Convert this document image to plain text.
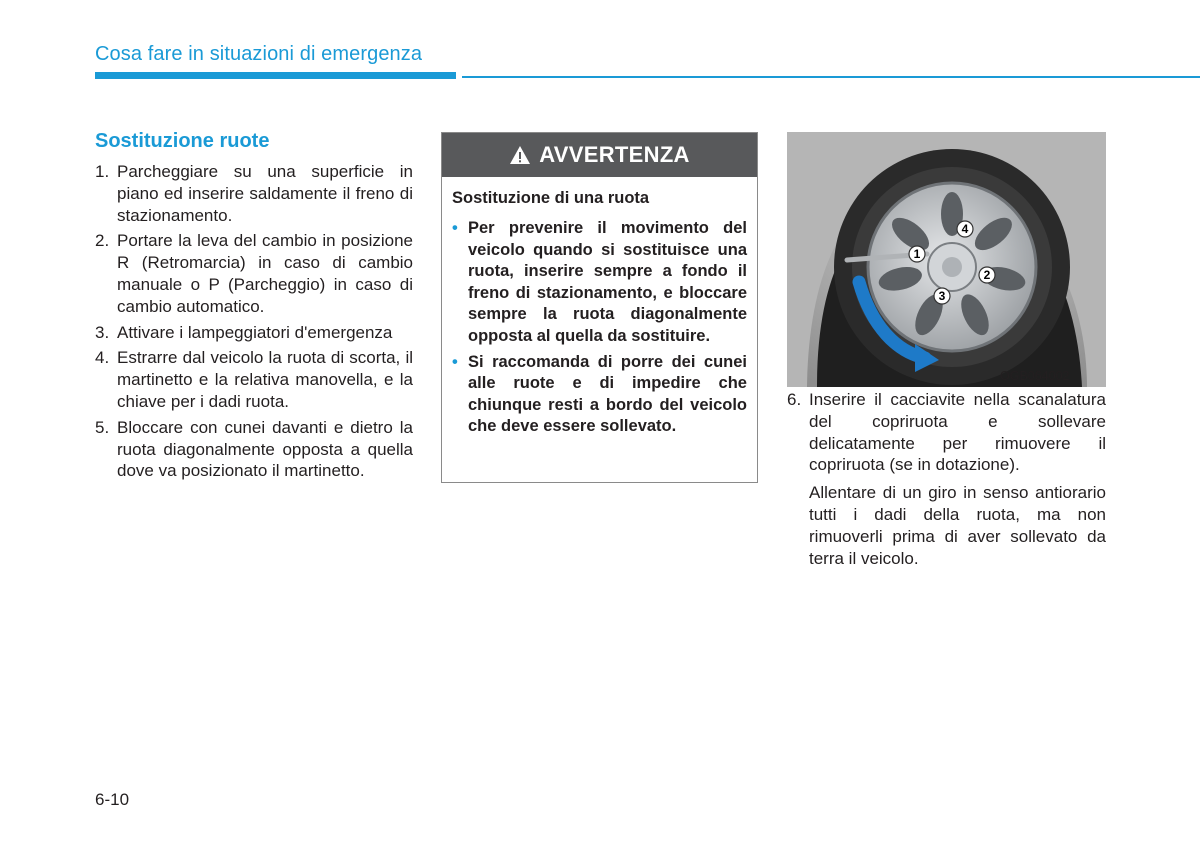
Cosa fare in situazioni di emergenza
Sostituzione ruote
1. Parcheggiare su una superficie in piano ed inserire saldamente il freno di stazionamento.
2. Portare la leva del cambio in posizione R (Retromarcia) in caso di cambio manuale o P (Parcheggio) in caso di cambio automatico.
3. Attivare i lampeggiatori d'emergenza
4. Estrarre dal veicolo la ruota di scorta, il martinetto e la relativa manovella, e la chiave per i dadi ruota.
5. Bloccare con cunei davanti e dietro la ruota diagonalmente opposta a quella dove va posizionato il martinetto.
AVVERTENZA
Sostituzione di una ruota
• Per prevenire il movimento del veicolo quando si sostituisce una ruota, inserire sempre a fondo il freno di stazionamento, e bloccare sempre la ruota diagonalmente opposta al quella da sostituire.
• Si raccomanda di porre dei cunei alle ruote e di impedire che chiunque resti a bordo del veicolo che deve essere sollevato.
1
2
3
4
OGB064002
6. Inserire il cacciavite nella scanalatura del copriruota e sollevare delicatamente per rimuovere il copriruota (se in dotazione).
Allentare di un giro in senso antiorario tutti i dadi della ruota, ma non rimuoverli prima di aver sollevato da terra il veicolo.
6-10
